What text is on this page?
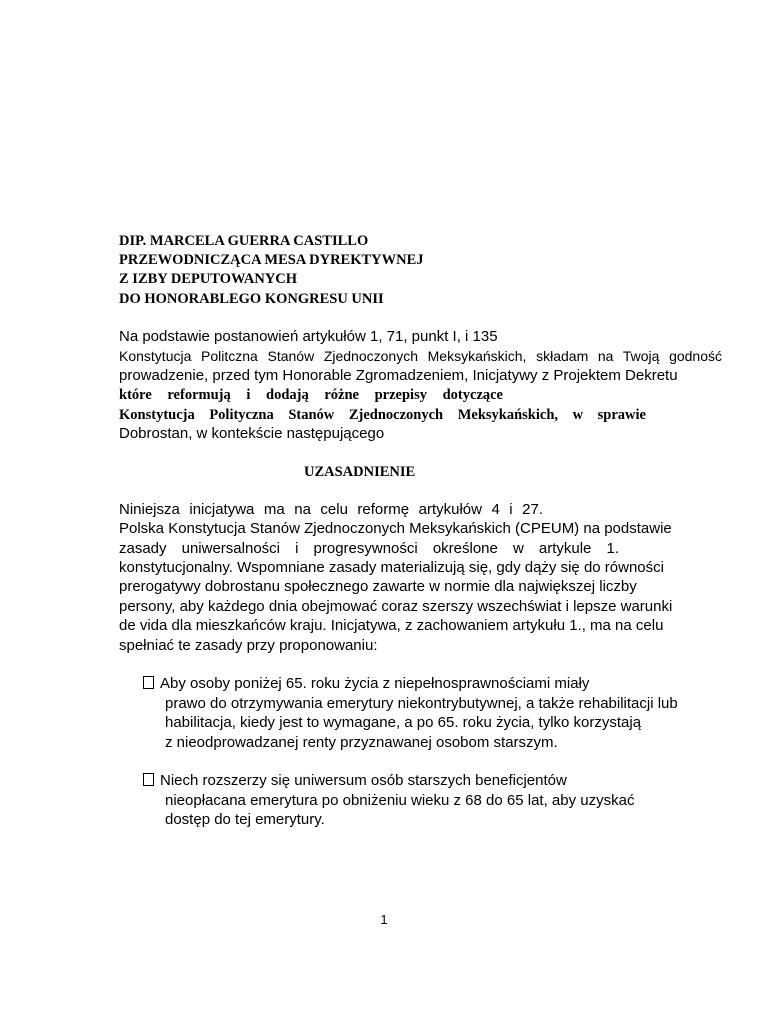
DIP. MARCELA GUERRA CASTILLO
PRZEWODNICZĄCA MESA DYREKTYWNEJ
Z IZBY DEPUTOWANYCH
DO HONORABLEGO KONGRESU UNII
Na podstawie postanowień artykułów 1, 71, punkt I, i 135
Konstytucja Politczna Stanów Zjednoczonych Meksykańskich, składam na Twoją godność
prowadzenie, przed tym Honorable Zgromadzeniem, Inicjatywy z Projektem Dekretu
które reformują i dodają różne przepisy dotyczące
Konstytucja Polityczna Stanów Zjednoczonych Meksykańskich, w sprawie
Dobrostan, w kontekście następującego
UZASADNIENIE
Niniejsza inicjatywa ma na celu reformę artykułów 4 i 27.
Polska Konstytucja Stanów Zjednoczonych Meksykańskich (CPEUM) na podstawie
zasady uniwersalności i progresywności określone w artykule 1.
konstytucjonalny. Wspomniane zasady materializują się, gdy dąży się do równości
prerogatywy dobrostanu społecznego zawarte w normie dla największej liczby
persony, aby każdego dnia obejmować coraz szerszy wszechświat i lepsze warunki
de vida dla mieszkańców kraju. Inicjatywa, z zachowaniem artykułu 1., ma na celu
spełniać te zasady przy proponowaniu:
Aby osoby poniżej 65. roku życia z niepełnosprawnościami miały
prawo do otrzymywania emerytury niekontrybutywnej, a także rehabilitacji lub
habilitacja, kiedy jest to wymagane, a po 65. roku życia, tylko korzystają
z nieodprowadzanej renty przyznawanej osobom starszym.
Niech rozszerzy się uniwersum osób starszych beneficjentów
nieopłacana emerytura po obniżeniu wieku z 68 do 65 lat, aby uzyskać
dostęp do tej emerytury.
1
